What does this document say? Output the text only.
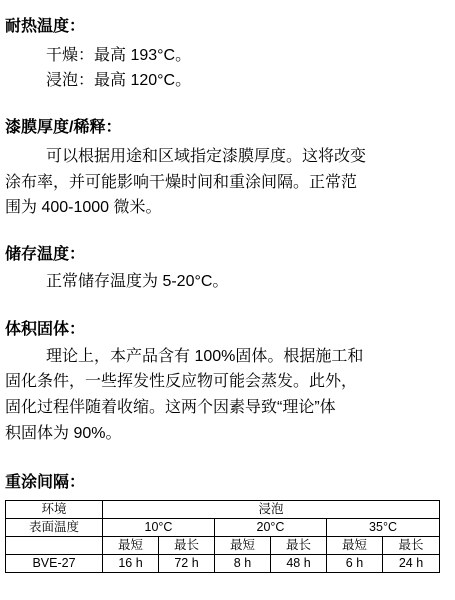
耐热温度：
干燥：最高 193°C。
浸泡：最高 120°C。
漆膜厚度/稀释：
可以根据用途和区域指定漆膜厚度。这将改变
涂布率，并可能影响干燥时间和重涂间隔。正常范
围为 400-1000 微米。
储存温度：
正常储存温度为 5-20°C。
体积固体：
理论上，本产品含有 100%固体。根据施工和
固化条件，一些挥发性反应物可能会蒸发。此外，
固化过程伴随着收缩。这两个因素导致“理论”体
积固体为 90%。
重涂间隔：
环境	浸泡					
表面温度	10°C		20°C		35°C	
	最短	最长	最短	最长	最短	最长
BVE-27	16 h	72 h	8 h	48 h	6 h	24 h
